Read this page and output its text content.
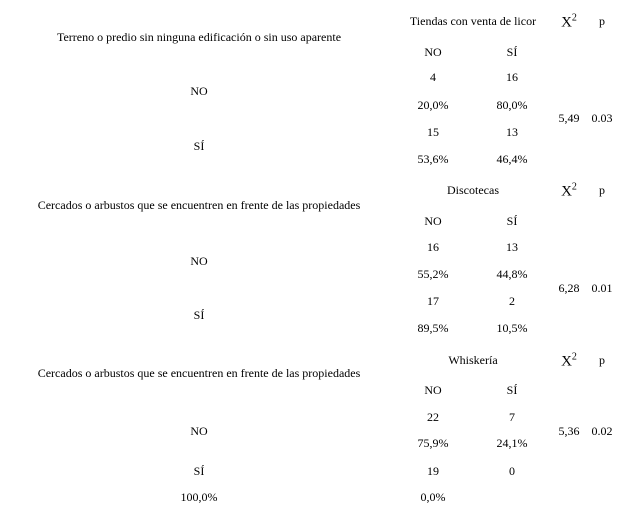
Terreno o predio sin ninguna edificación o sin uso aparente
Tiendas con venta de licor $X^2$ p
NO	SÍ
NO
4	16
20,0%	80,0%
SÍ
15	13
53,6%	46,4%
5,49 0.03
Cercados o arbustos que se encuentren en frente de las propiedades
Discotecas	$X^2$ p
NO	SÍ
NO
16	13
55,2%	44,8%
SÍ
17	2
89,5%	10,5%
6,28 0.01
Cercados o arbustos que se encuentren en frente de las propiedades
Whiskería	$X^2$ p
NO	SÍ
NO
22	7
75,9%	24,1%
SÍ	19	0
100,0%	0,0%
5,36 0.02
